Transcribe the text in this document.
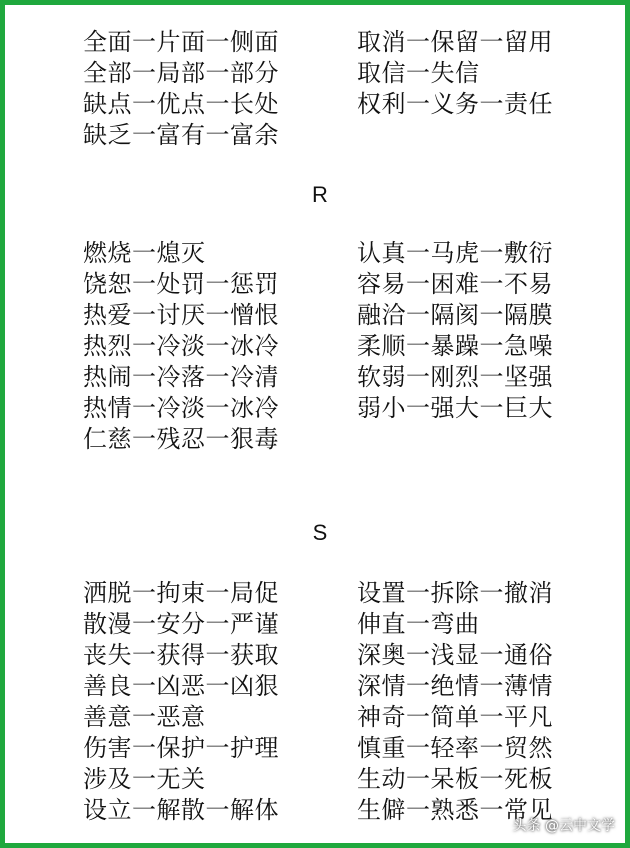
全面一片面一侧面
全部一局部一部分
缺点一优点一长处
缺乏一富有一富余
取消一保留一留用
取信一失信
权利一义务一责任
R
燃烧一熄灭
饶恕一处罚一惩罚
热爱一讨厌一憎恨
热烈一冷淡一冰冷
热闹一冷落一冷清
热情一冷淡一冰冷
仁慈一残忍一狠毒
认真一马虎一敷衍
容易一困难一不易
融洽一隔阂一隔膜
柔顺一暴躁一急噪
软弱一刚烈一坚强
弱小一强大一巨大
S
洒脱一拘束一局促
散漫一安分一严谨
丧失一获得一获取
善良一凶恶一凶狠
善意一恶意
伤害一保护一护理
涉及一无关
设立一解散一解体
设置一拆除一撤消
伸直一弯曲
深奥一浅显一通俗
深情一绝情一薄情
神奇一简单一平凡
慎重一轻率一贸然
生动一呆板一死板
生僻一熟悉一常见
头条 @云中文学
